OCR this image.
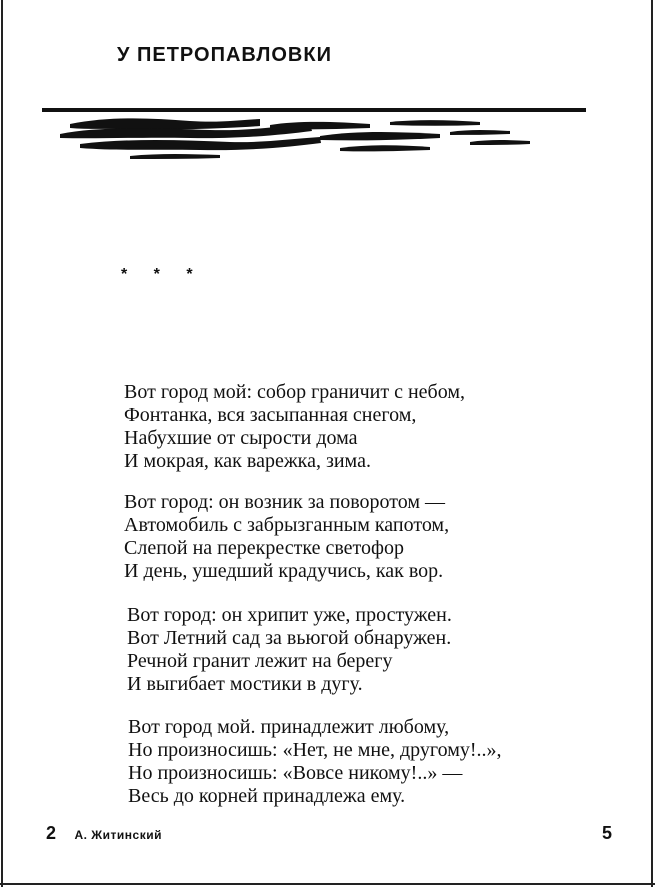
У ПЕТРОПАВЛОВКИ
* * *
Вот город мой: собор граничит с небом,
Фонтанка, вся засыпанная снегом,
Набухшие от сырости дома
И мокрая, как варежка, зима.
Вот город: он возник за поворотом —
Автомобиль с забрызганным капотом,
Слепой на перекрестке светофор
И день, ушедший крадучись, как вор.
Вот город: он хрипит уже, простужен.
Вот Летний сад за вьюгой обнаружен.
Речной гранит лежит на берегу
И выгибает мостики в дугу.
Вот город мой. принадлежит любому,
Но произносишь: «Нет, не мне, другому!..»,
Но произносишь: «Вовсе никому!..» —
Весь до корней принадлежа ему.
2 А. Житинский	5
